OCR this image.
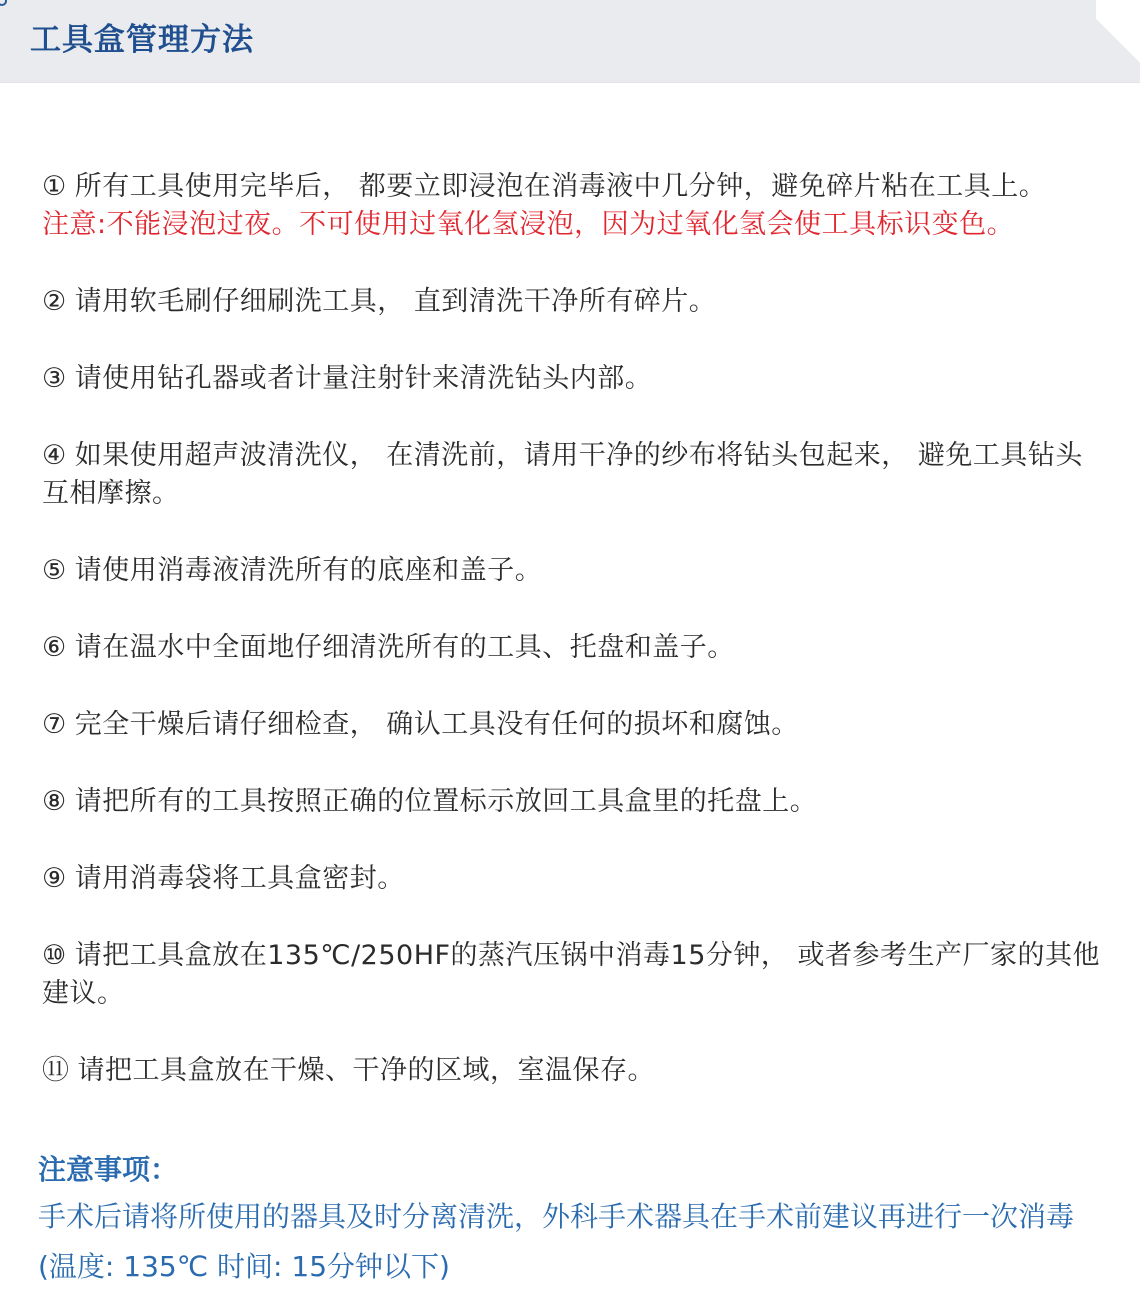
工具盒管理方法
① 所有工具使用完毕后， 都要立即浸泡在消毒液中几分钟，避免碎片粘在工具上。
注意:不能浸泡过夜。不可使用过氧化氢浸泡，因为过氧化氢会使工具标识变色。
② 请用软毛刷仔细刷洗工具， 直到清洗干净所有碎片。
③ 请使用钻孔器或者计量注射针来清洗钻头内部。
④ 如果使用超声波清洗仪， 在清洗前，请用干净的纱布将钻头包起来， 避免工具钻头互相摩擦。
⑤ 请使用消毒液清洗所有的底座和盖子。
⑥ 请在温水中全面地仔细清洗所有的工具、托盘和盖子。
⑦ 完全干燥后请仔细检查， 确认工具没有任何的损坏和腐蚀。
⑧ 请把所有的工具按照正确的位置标示放回工具盒里的托盘上。
⑨ 请用消毒袋将工具盒密封。
⑩ 请把工具盒放在135℃/250HF的蒸汽压锅中消毒15分钟， 或者参考生产厂家的其他建议。
⑪ 请把工具盒放在干燥、干净的区域，室温保存。
注意事项：
手术后请将所使用的器具及时分离清洗，外科手术器具在手术前建议再进行一次消毒
(温度: 135℃ 时间: 15分钟以下)
